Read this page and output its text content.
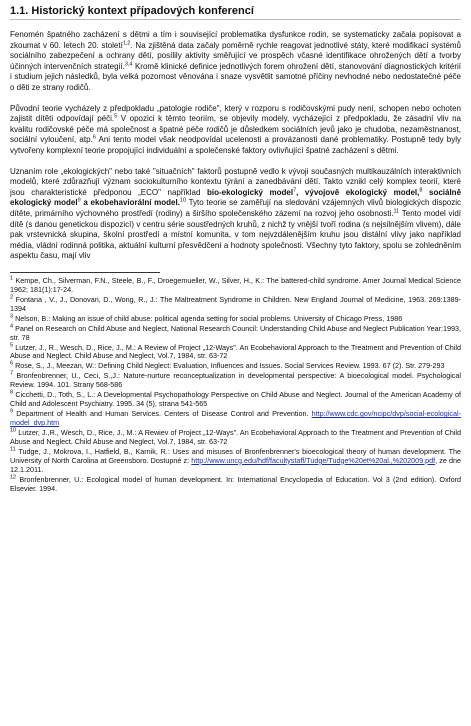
1.1. Historický kontext případových konferencí

Fenomén špatného zacházení s dětmi a tím i související problematika dysfunkce rodin, se systematicky začala popisovat a zkoumat v 60. letech 20. století$^{1,2}$. Na zjištěná data začaly poměrně rychle reagovat jednotlivé státy, které modifikací systémů sociálního zabezpečení a ochrany dětí, posílily aktivity směřující ve prospěch včasné identifikace ohrožených dětí a tvorby účinných intervenčních strategií.$^{3,4}$ Kromě klinické definice jednotlivých forem ohrožení dětí, stanovování diagnostických kritérií i studium jejich následků, byla velká pozornost věnována i snaze vysvětlit samotné příčiny nevhodné nebo nedostatečné péče o děti ze strany rodičů.

Původní teorie vycházely z předpokladu „patologie rodiče", který v rozporu s rodičovskými pudy není, schopen nebo ochoten zajistit dítěti odpovídají péči.$^5$ V opozici k těmto teoriím, se objevily modely, vycházející z předpokladu, že zásadní vliv na kvalitu rodičovské péče má společnost a špatné péče rodičů je důsledkem sociálních jevů jako je chudoba, nezaměstnanost, sociální vyloučení, atp.$^6$ Ani tento model však neodpovídal ucelenosti a provázanosti dané problematiky. Postupně tedy byly vytvořeny komplexní teorie propojující individuální a společenské faktory ovlivňující špatné zacházení s dětmi.

Uznaním role „ekologických" nebo také "situačních" faktorů postupně vedlo k vývoji současných multikauzálních interaktivních modelů, které zdůrazňují význam sociokulturního kontextu týrání a zanedbávání dětí. Takto vznikl celý komplex teorií, které jsou charakteristické předponou „ECO" například bio-ekologický model$^7$, vývojově ekologický model,$^8$ sociálně ekologický model$^9$ a ekobehaviorální model.$^{10}$ Tyto teorie se zaměřují na sledování vzájemných vlivů biologických dispozic dítěte, primárního výchovného prostředí (rodiny) a širšího společenského zázemí na rozvoj jeho osobnosti.$^{11}$ Tento model vidí dítě (s danou genetickou dispozicí) v centru série soustředných kruhů, z nichž ty vnější tvoří rodina (s nejsilnějším vlivem), dále pak vrstevnická skupina, školní prostředí a místní komunita, v tom nejvzdálenějším kruhu jsou distální vlivy jako například média, vládní rodinná politika, aktuální kulturní přesvědčení a hodnoty společnosti. Všechny tyto faktory, spolu se zohledněním aspektu času, mají vliv

$^1$ Kempe, Ch., Silverman, F.N., Steele, B., F., Droegemueller, W., Silver, H., K.: The battered-child syndrome. Amer Journal Medical Science 1962; 181(1):17-24.
$^2$ Fontana , V., J., Donovan, D., Wong, R., J.: The Maltreatment Syndrome in Children. New England Journal of Medicine, 1963. 269:1389-1394
$^3$ Nelson, B.: Making an issue of child abuse: political agenda setting for social problems. University of Chicago Press, 1986
$^4$ Panel on Research on Child Abuse and Neglect, National Research Council: Understanding Child Abuse and Neglect Publication Year:1993, str. 78
$^5$ Lutzer, J., R., Wesch, D., Rice, J., M.: A Review of Project „12-Ways". An Ecobehavioral Approach to the Treatment and Prevention of Child Abuse and Neglect. Child Abuse and Neglect, Vol.7, 1984, str. 63-72
$^6$ Rose, S., J., Meezan, W.: Defining Child Neglect: Evaluation, Influences and Issues. Social Services Review. 1993. 67 (2). Str. 279-293
$^7$ Bronfenbrenner, U., Ceci, S.,J.: Nature-nurture reconceptualization in developmental perspective: A bioecological model. Psychological Review. 1994. 101. Strany 568-586
$^8$ Cicchetti, D., Toth, S., L.: A Developmental Psychopathology Perspective on Child Abuse and Neglect. Journal of the American Academy of Child and Adolescent Psychiatry. 1995. 34 (5), strana 541-565
$^9$ Department of Health and Human Services. Centers of Disease Control and Prevention. http://www.cdc.gov/ncipc/dvp/social-ecological-model_dvp.htm
$^{10}$ Lutzer, J.,R., Wesch, D., Rice, J., M.: A Rewiev of Project „12-Ways". An Ecobehavioral Approach to the Treatment and Prevention of Child Abuse and Neglect. Child Abuse and Neglect, Vol.7, 1984, str. 63-72
$^{11}$ Tudge, J., Mokrova, I., Hatfield, B., Karnik, R.: Uses and misuses of Bronfenbrenner's bioecological theory of human development. The University of North Carolina at Greensboro. Dostupné z: http://www.uncg.edu/hdf/facultystaff/Tudge/Tudge%20et%20al.,%202009.pdf, ze dne 12.1.2011.
$^{12}$ Bronfenbrenner, U.: Ecological model of human development. In: International Encyclopedia of Education. Vol 3 (2nd edition). Oxford Elsevier. 1994.
